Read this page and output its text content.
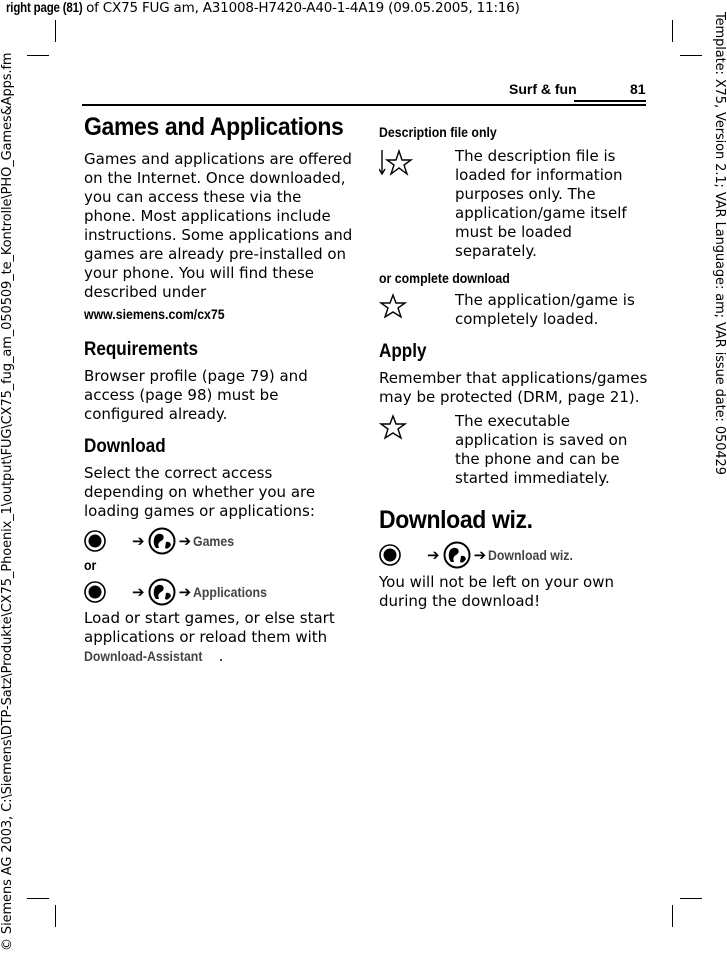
right page (81) of CX75 FUG am, A31008-H7420-A40-1-4A19 (09.05.2005, 11:16)
© Siemens AG 2003, C:\Siemens\DTP-Satz\Produkte\CX75_Phoenix_1\output\FUG\CX75_fug_am_050509_te_Kontrolle\PHO_Games&Apps.fm	Template: X75, Version 2.1; VAR Language: am; VAR issue date: 050429
Surf & fun	81
Games and Applications

Games and applications are offered on the Internet. Once downloaded, you can access these via the phone. Most applications include instructions. Some applications and games are already pre-installed on your phone. You will find these described under

www.siemens.com/cx75
Requirements

Browser profile (page 79) and access (page 98) must be configured already.

Download

Select the correct access depending on whether you are loading games or applications:

➔ ➔ Games
or
➔ ➔ Applications

Load or start games, or else start applications or reload them with Download-Assistant .

Description file only
The description file is loaded for information purposes only. The application/game itself must be loaded separately.
or complete download
The application/game is completely loaded.
Apply

Remember that applications/games may be protected (DRM, page 21).

The executable application is saved on the phone and can be started immediately.
Download wiz.
➔ ➔ Download wiz.

You will not be left on your own during the download!
